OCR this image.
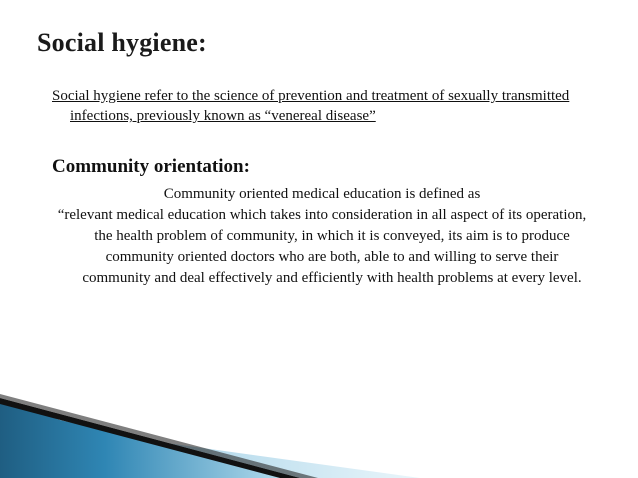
Social hygiene:
Social hygiene refer to the science of prevention and treatment of sexually transmitted infections, previously known as “venereal disease”
Community orientation:

Community oriented medical education is defined as

“relevant medical education which takes into consideration in all aspect of its operation, the health problem of community, in which it is conveyed, its aim is to produce community oriented doctors who are both, able to and willing to serve their community and deal effectively and efficiently with health problems at every level.
